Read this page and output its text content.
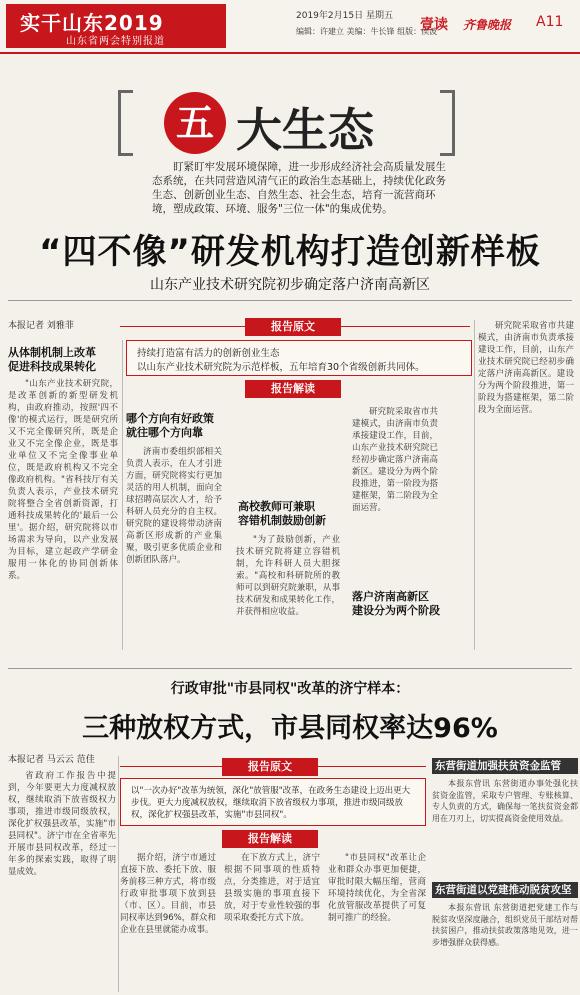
实干山东2019
山东省两会特别报道
2019年2月15日 星期五
编辑：许建立 美编：牛长锋 组版：侯波
壹读 齐鲁晚报 A11
五 大生态
盯紧盯牢发展环境保障，进一步形成经济社会高质量发展生态系统，在共同营造风清气正的政治生态基础上，持续优化政务生态、创新创业生态、自然生态、社会生态，培育一流营商环境，塑成政策、环境、服务"三位一体"的集成优势。
“四不像”研发机构打造创新样板
山东产业技术研究院初步确定落户济南高新区
本报记者 刘雅菲	报告原文
持续打造富有活力的创新创业生态
以山东产业技术研究院为示范样板，五年培育30个省级创新共同体。
报告解读
从体制机制上改革
促进科技成果转化
"山东产业技术研究院，是改革创新的新型研发机构，由政府推动，按照'四不像'的模式运行，既是研究所又不完全像研究所，既是企业又不完全像企业，既是事业单位又不完全像事业单位，既是政府机构又不完全像政府机构。"省科技厅有关负责人表示，产业技术研究院将整合全省创新资源，打通科技成果转化的'最后一公里'。据介绍，研究院将以市场需求为导向，以产业发展为目标，建立起政产学研金服用一体化的协同创新体系。
哪个方向有好政策
就往哪个方向靠
济南市委组织部相关负责人表示，在人才引进方面，研究院将实行更加灵活的用人机制，面向全球招聘高层次人才，给予科研人员充分的自主权。研究院的建设将带动济南高新区形成新的产业集聚，吸引更多优质企业和创新团队落户。
高校教师可兼职
容错机制鼓励创新
"为了鼓励创新，产业技术研究院将建立容错机制，允许科研人员大胆探索。"高校和科研院所的教师可以到研究院兼职，从事技术研发和成果转化工作，并获得相应收益。
落户济南高新区
建设分为两个阶段
研究院采取省市共建模式，由济南市负责承接建设工作，目前，山东产业技术研究院已经初步确定落户济南高新区。建设分为两个阶段推进，第一阶段为搭建框架，第二阶段为全面运营。
研究院采取省市共建模式，由济南市负责承接建设工作，目前，山东产业技术研究院已经初步确定落户济南高新区。建设分为两个阶段推进，第一阶段为搭建框架，第二阶段为全面运营。
行政审批"市县同权"改革的济宁样本：
三种放权方式，市县同权率达96%
本报记者 马云云 范佳	报告原文
以"一次办好"改革为统领，深化"放管服"改革，在政务生态建设上迈出更大步伐。更大力度减权放权，继续取消下放省级权力事项，推进市级同级放权，深化扩权强县改革，实施"市县同权"。
报告解读
省政府工作报告中提到，今年要更大力度减权放权，继续取消下放省级权力事项，推进市级同级放权，深化扩权强县改革，实施"市县同权"。济宁市在全省率先开展市县同权改革，经过一年多的探索实践，取得了明显成效。
据介绍，济宁市通过直接下放、委托下放、服务前移三种方式，将市级行政审批事项下放到县（市、区）。目前，市县同权率达到96%，群众和企业在县里就能办成事。
在下放方式上，济宁根据不同事项的性质特点，分类推进，对于适宜县级实施的事项直接下放，对于专业性较强的事项采取委托方式下放。
"市县同权"改革让企业和群众办事更加便捷，审批时限大幅压缩，营商环境持续优化，为全省深化放管服改革提供了可复制可推广的经验。
东营街道加强扶贫资金监管
本报东营讯 东营街道办事处强化扶贫资金监管，采取专户管理、专账核算、专人负责的方式，确保每一笔扶贫资金都用在刀刃上，切实提高资金使用效益。
东营街道以党建推动脱贫攻坚
本报东营讯 东营街道把党建工作与脱贫攻坚深度融合，组织党员干部结对帮扶贫困户，推动扶贫政策落地见效，进一步增强群众获得感。
